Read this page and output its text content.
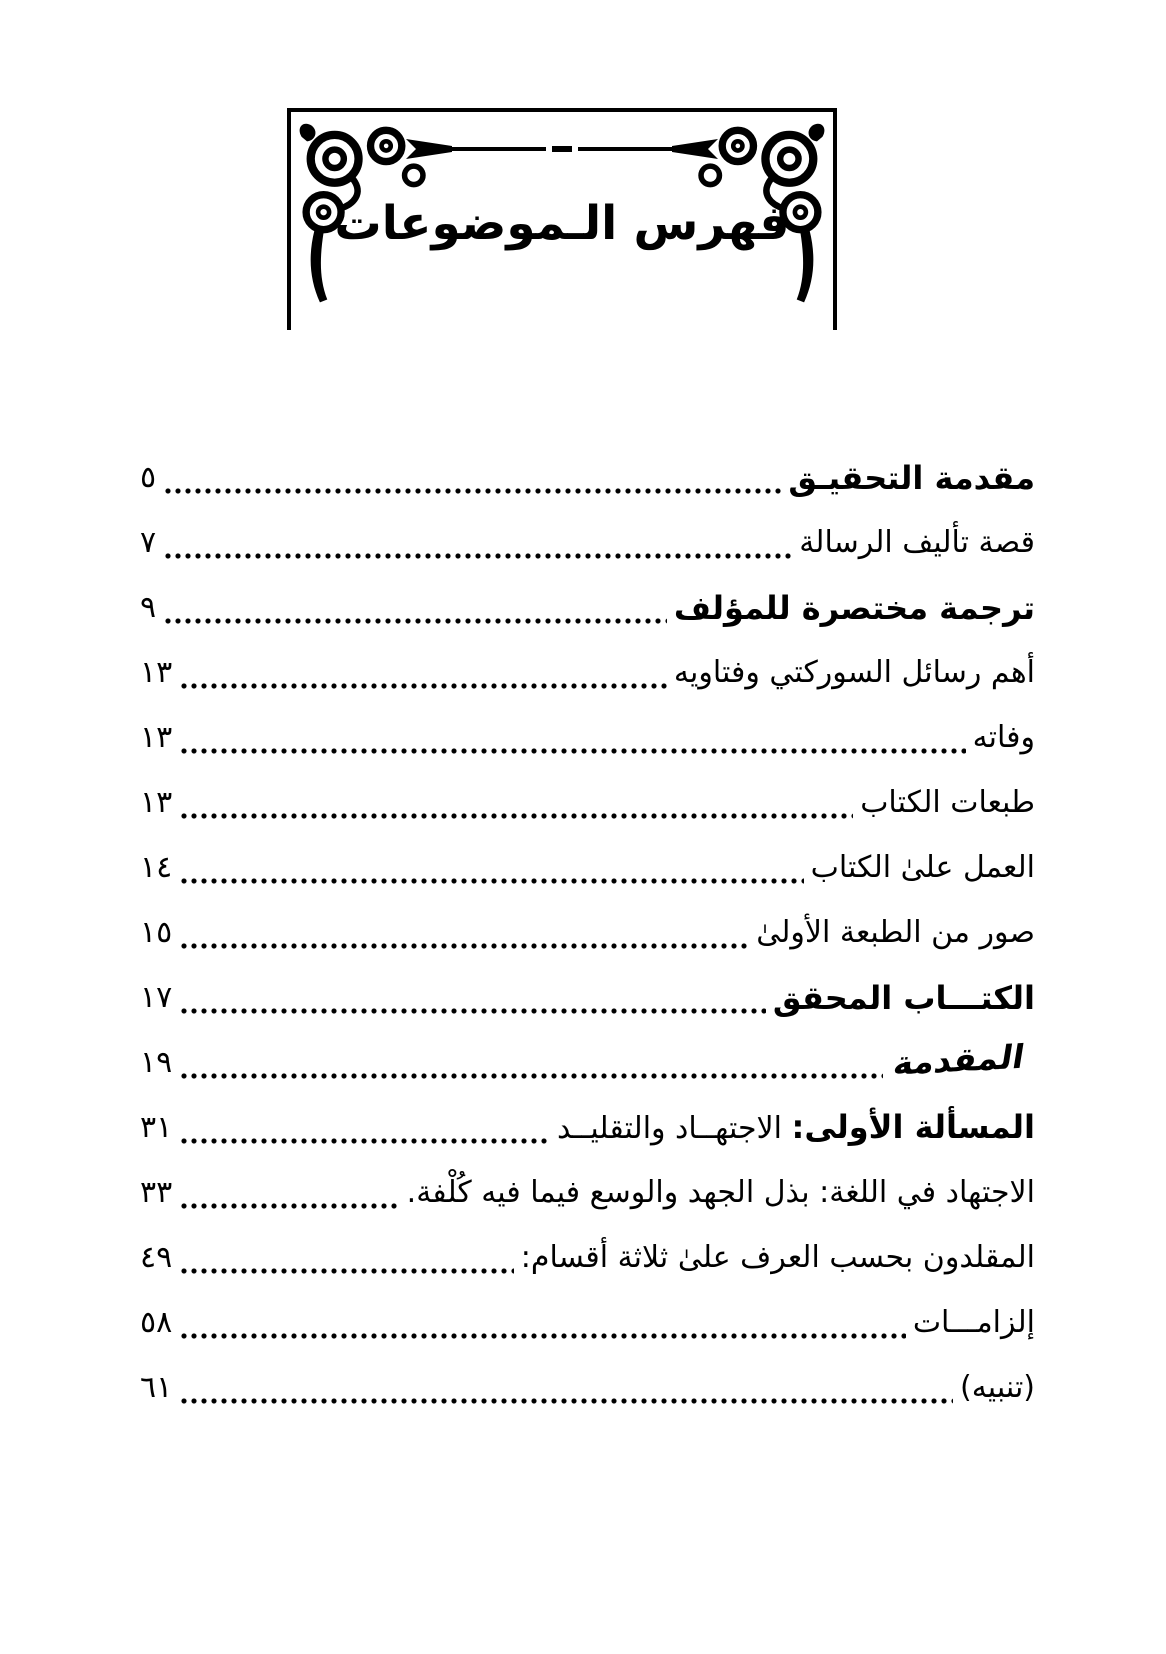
فهرس الـموضوعات
مقدمة التحقيـق
٥
قصة تأليف الرسالة
٧
ترجمة مختصرة للمؤلف
٩
أهم رسائل السوركتي وفتاويه
١٣
وفاته
١٣
طبعات الكتاب
١٣
العمل علىٰ الكتاب
١٤
صور من الطبعة الأولىٰ
١٥
الكتـــاب المحقق
١٧
المقدمة
١٩
المسألة الأولى: الاجتهــاد والتقليــد
٣١
الاجتهاد في اللغة: بذل الجهد والوسع فيما فيه كُلْفة.
٣٣
المقلدون بحسب العرف علىٰ ثلاثة أقسام:
٤٩
إلزامـــات
٥٨
(تنبيه)
٦١
